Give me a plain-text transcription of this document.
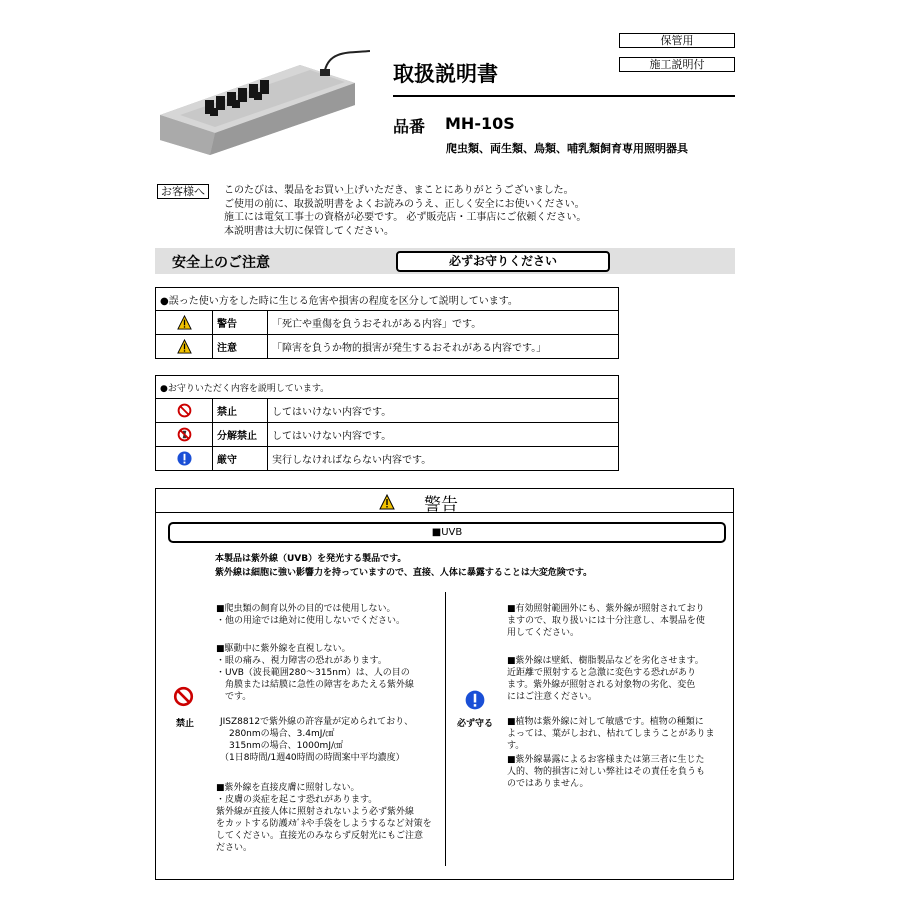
保管用
施工説明付
取扱説明書
品番 MH-10S
爬虫類、両生類、鳥類、哺乳類飼育専用照明器具
お客様へ	このたびは、製品をお買い上げいただき、まことにありがとうございました。
ご使用の前に、取扱説明書をよくお読みのうえ、正しく安全にお使いください。
施工には電気工事士の資格が必要です。 必ず販売店・工事店にご依頼ください。
本説明書は大切に保管してください。
安全上のご注意	必ずお守りください
●誤った使い方をした時に生じる危害や損害の程度を区分して説明しています。		
	警告	「死亡や重傷を負うおそれがある内容」です。
	注意	「障害を負うか物的損害が発生するおそれがある内容です。」
●お守りいただく内容を説明しています。		
	禁止	してはいけない内容です。
	分解禁止	してはいけない内容です。
	厳守	実行しなければならない内容です。
警告
■UVB
本製品は紫外線（UVB）を発光する製品です。
紫外線は細胞に強い影響力を持っていますので、直接、人体に暴露することは大変危険です。
禁止

■爬虫類の飼育以外の目的では使用しない。

・他の用途では絶対に使用しないでください。

■駆動中に紫外線を直視しない。

・眼の痛み、視力障害の恐れがあります。

・UVB（波長範囲280～315nm）は、人の目の

　角膜または結膜に急性の障害をあたえる紫外線

　です。

JISZ8812で紫外線の許容量が定められており、

　280nmの場合、3.4mJ/㎠

　315nmの場合、1000mJ/㎠

（1日8時間/1週40時間の時間案中平均濃度）

■紫外線を直接皮膚に照射しない。

・皮膚の炎症を起こす恐れがあります。

紫外線が直接人体に照射されないよう必ず紫外線

をカットする防護ﾒｶﾞﾈや手袋をしようするなど対策を

してください。直接光のみならず反射光にもご注意

ださい。

必ず守る

■有効照射範囲外にも、紫外線が照射されており

ますので、取り扱いには十分注意し、本製品を使

用してください。

■紫外線は壁紙、樹脂製品などを劣化させます。

近距離で照射すると急激に変色する恐れがあり

ます。紫外線が照射される対象物の劣化、変色

にはご注意ください。

■植物は紫外線に対して敏感です。植物の種類に

よっては、葉がしおれ、枯れてしまうことがあります。

■紫外線暴露によるお客様または第三者に生じた

人的、物的損害に対しい弊社はその責任を負うも

のではありません。
